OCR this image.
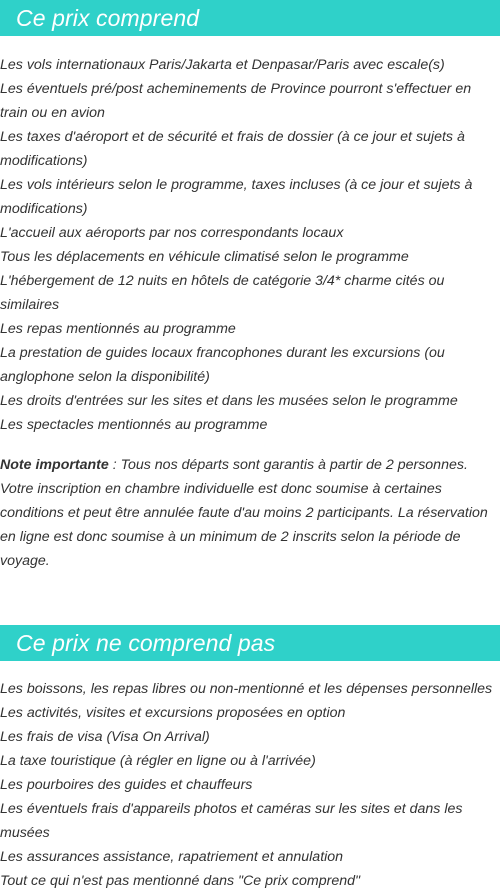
Ce prix comprend
Les vols internationaux Paris/Jakarta et Denpasar/Paris avec escale(s)
Les éventuels pré/post acheminements de Province pourront s'effectuer en train ou en avion
Les taxes d'aéroport et de sécurité et frais de dossier (à ce jour et sujets à modifications)
Les vols intérieurs selon le programme, taxes incluses (à ce jour et sujets à modifications)
L'accueil aux aéroports par nos correspondants locaux
Tous les déplacements en véhicule climatisé selon le programme
L'hébergement de 12 nuits en hôtels de catégorie 3/4* charme cités ou similaires
Les repas mentionnés au programme
La prestation de guides locaux francophones durant les excursions (ou anglophone selon la disponibilité)
Les droits d'entrées sur les sites et dans les musées selon le programme
Les spectacles mentionnés au programme

Note importante : Tous nos départs sont garantis à partir de 2 personnes. Votre inscription en chambre individuelle est donc soumise à certaines conditions et peut être annulée faute d'au moins 2 participants. La réservation en ligne est donc soumise à un minimum de 2 inscrits selon la période de voyage.

Ce prix ne comprend pas
Les boissons, les repas libres ou non-mentionné et les dépenses personnelles
Les activités, visites et excursions proposées en option
Les frais de visa (Visa On Arrival)
La taxe touristique (à régler en ligne ou à l'arrivée)
Les pourboires des guides et chauffeurs
Les éventuels frais d'appareils photos et caméras sur les sites et dans les musées
Les assurances assistance, rapatriement et annulation
Tout ce qui n'est pas mentionné dans "Ce prix comprend"
